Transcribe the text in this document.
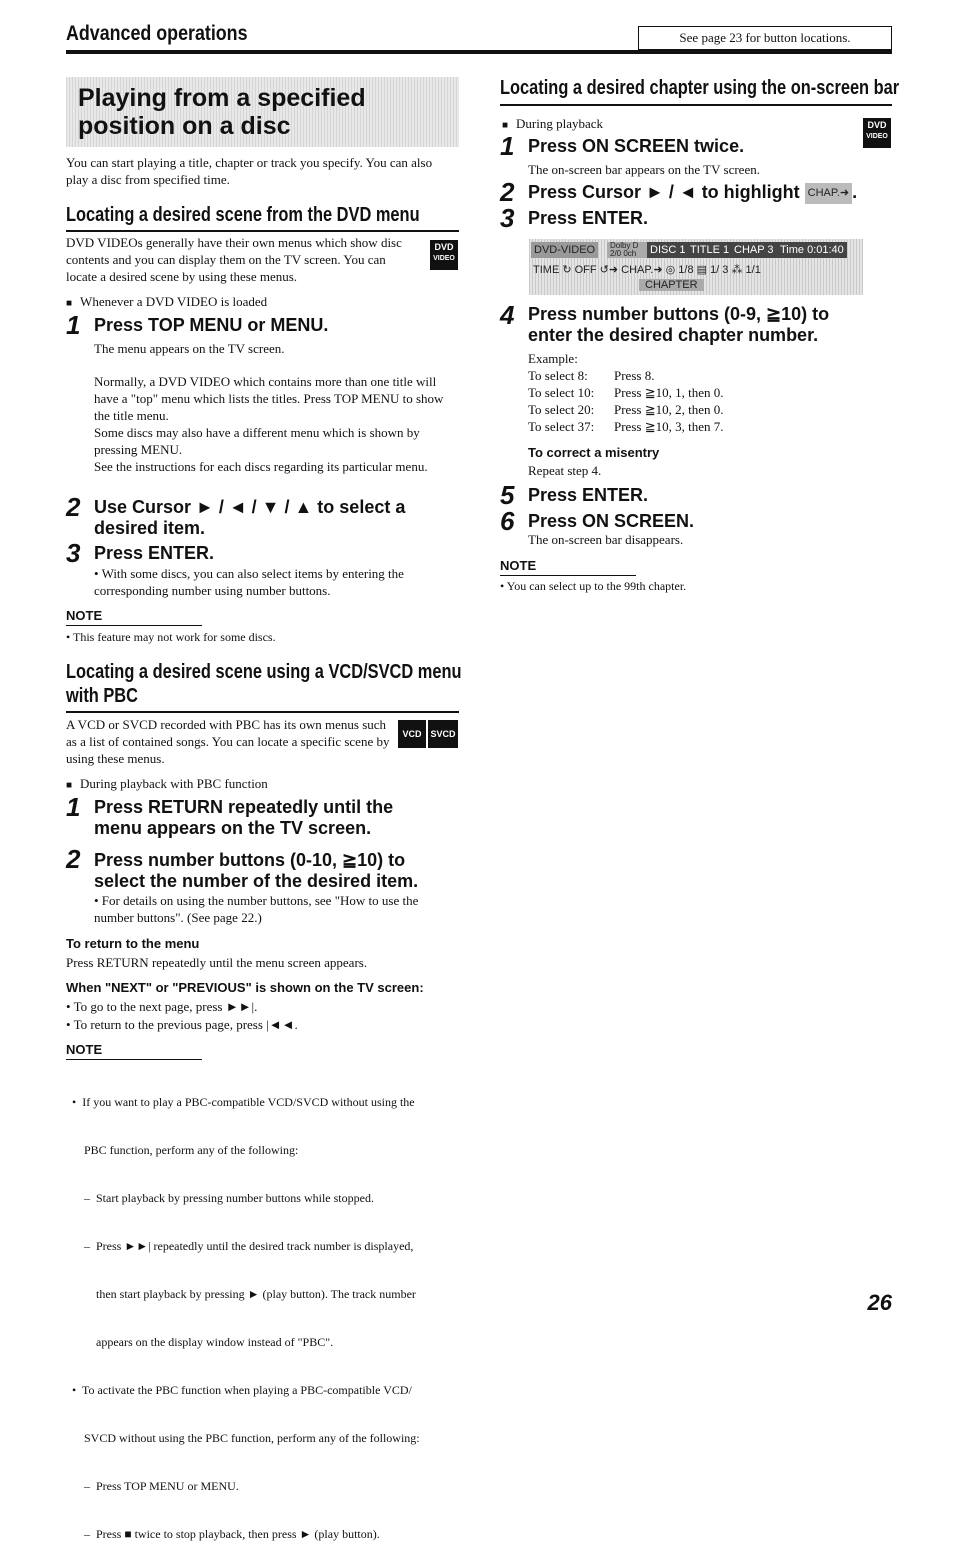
Advanced operations	See page 23 for button locations.
Playing from a specified
position on a disc
You can start playing a title, chapter or track you specify. You can also play a disc from specified time.
Locating a desired scene from the DVD menu
DVD VIDEOs generally have their own menus which show disc contents and you can display them on the TV screen. You can locate a desired scene by using these menus.
DVD
VIDEO
■ Whenever a DVD VIDEO is loaded
1 Press TOP MENU or MENU.
The menu appears on the TV screen.
Normally, a DVD VIDEO which contains more than one title will have a "top" menu which lists the titles. Press TOP MENU to show the title menu.
Some discs may also have a different menu which is shown by pressing MENU.
See the instructions for each discs regarding its particular menu.
2 Use Cursor ► / ◄ / ▼ / ▲ to select a
desired item.
3 Press ENTER.
• With some discs, you can also select items by entering the corresponding number using number buttons.
NOTE
• This feature may not work for some discs.
Locating a desired scene using a VCD/SVCD menu
with PBC
A VCD or SVCD recorded with PBC has its own menus such as a list of contained songs. You can locate a specific scene by using these menus.
VCD SVCD
■ During playback with PBC function
1 Press RETURN repeatedly until the
menu appears on the TV screen.
2 Press number buttons (0-10, ≧10) to
select the number of the desired item.
• For details on using the number buttons, see "How to use the number buttons". (See page 22.)
To return to the menu
Press RETURN repeatedly until the menu screen appears.
When "NEXT" or "PREVIOUS" is shown on the TV screen:
• To go to the next page, press ►►|.
• To return to the previous page, press |◄◄.
NOTE

•  If you want to play a PBC-compatible VCD/SVCD without using the

PBC function, perform any of the following:

–  Start playback by pressing number buttons while stopped.

–  Press ►►| repeatedly until the desired track number is displayed,

then start playback by pressing ► (play button). The track number

appears on the display window instead of "PBC".

•  To activate the PBC function when playing a PBC-compatible VCD/

SVCD without using the PBC function, perform any of the following:

–  Press TOP MENU or MENU.

–  Press ■ twice to stop playback, then press ► (play button).

Locating a desired chapter using the on-screen bar
■ During playback	DVD
VIDEO
1 Press ON SCREEN twice.
The on-screen bar appears on the TV screen.
2 Press Cursor ► / ◄ to highlight CHAP.➜ .
3 Press ENTER.
DVD-VIDEO	Dolby D 2/0 0ch	DISC 1 TITLE 1 CHAP 3 Time 0:01:40
TIME ↻ OFF ↺➜ CHAP.➜ ◎ 1/8 ▤ 1/ 3 ⁂ 1/1
CHAPTER
4 Press number buttons (0-9, ≧10) to
enter the desired chapter number.
Example:
To select 8: Press 8.
To select 10: Press ≧10, 1, then 0.
To select 20: Press ≧10, 2, then 0.
To select 37: Press ≧10, 3, then 7.
To correct a misentry
Repeat step 4.
5 Press ENTER.
6 Press ON SCREEN.
The on-screen bar disappears.
NOTE
• You can select up to the 99th chapter.
26
